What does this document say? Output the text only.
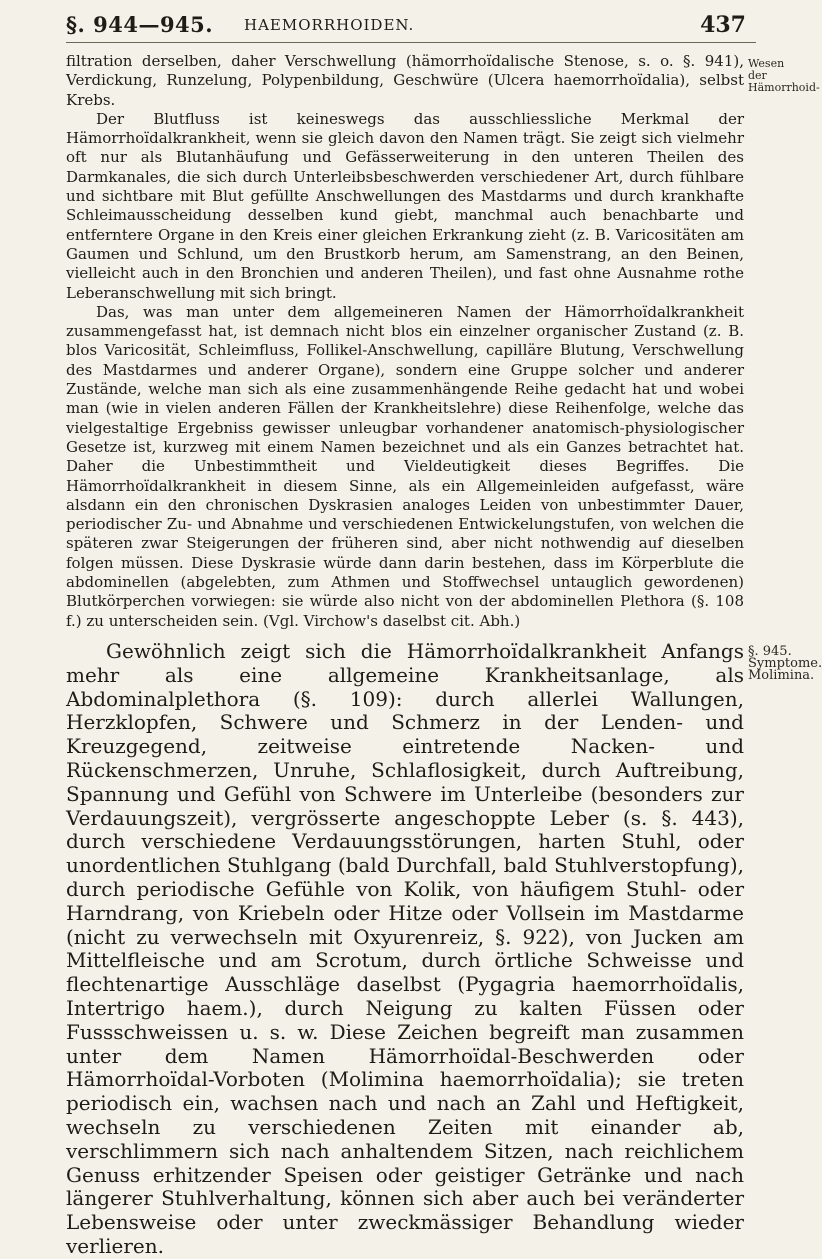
§. 944—945. HAEMORRHOIDEN.	437
Wesen der Hämorrhoid-
§. 945. Symptome. Molimina.

filtration derselben, daher Verschwellung (hämorrhoïdalische Stenose, s. o. §. 941), Verdickung, Runzelung, Polypenbildung, Geschwüre (Ulcera haemorrhoïdalia), selbst Krebs.

Der Blutfluss ist keineswegs das ausschliessliche Merkmal der Hämorrhoïdalkrankheit, wenn sie gleich davon den Namen trägt. Sie zeigt sich vielmehr oft nur als Blutanhäufung und Gefässerweiterung in den unteren Theilen des Darmkanales, die sich durch Unterleibsbeschwerden verschiedener Art, durch fühlbare und sichtbare mit Blut gefüllte Anschwellungen des Mastdarms und durch krankhafte Schleimausscheidung desselben kund giebt, manchmal auch benachbarte und entferntere Organe in den Kreis einer gleichen Erkrankung zieht (z. B. Varicositäten am Gaumen und Schlund, um den Brustkorb herum, am Samenstrang, an den Beinen, vielleicht auch in den Bronchien und anderen Theilen), und fast ohne Ausnahme rothe Leberanschwellung mit sich bringt.

Das, was man unter dem allgemeineren Namen der Hämorrhoïdalkrankheit zusammengefasst hat, ist demnach nicht blos ein einzelner organischer Zustand (z. B. blos Varicosität, Schleimfluss, Follikel-Anschwellung, capilläre Blutung, Verschwellung des Mastdarmes und anderer Organe), sondern eine Gruppe solcher und anderer Zustände, welche man sich als eine zusammenhängende Reihe gedacht hat und wobei man (wie in vielen anderen Fällen der Krankheitslehre) diese Reihenfolge, welche das vielgestaltige Ergebniss gewisser unleugbar vorhandener anatomisch-physiologischer Gesetze ist, kurzweg mit einem Namen bezeichnet und als ein Ganzes betrachtet hat. Daher die Unbestimmtheit und Vieldeutigkeit dieses Begriffes. Die Hämorrhoïdalkrankheit in diesem Sinne, als ein Allgemeinleiden aufgefasst, wäre alsdann ein den chronischen Dyskrasien analoges Leiden von unbestimmter Dauer, periodischer Zu- und Abnahme und verschiedenen Entwickelungstufen, von welchen die späteren zwar Steigerungen der früheren sind, aber nicht nothwendig auf dieselben folgen müssen. Diese Dyskrasie würde dann darin bestehen, dass im Körperblute die abdominellen (abgelebten, zum Athmen und Stoffwechsel untauglich gewordenen) Blutkörperchen vorwiegen: sie würde also nicht von der abdominellen Plethora (§. 108 f.) zu unterscheiden sein. (Vgl. Virchow's daselbst cit. Abh.)

Gewöhnlich zeigt sich die Hämorrhoïdalkrankheit Anfangs mehr als eine allgemeine Krankheitsanlage, als Abdominalplethora (§. 109): durch allerlei Wallungen, Herzklopfen, Schwere und Schmerz in der Lenden- und Kreuzgegend, zeitweise eintretende Nacken- und Rückenschmerzen, Unruhe, Schlaflosigkeit, durch Auftreibung, Spannung und Gefühl von Schwere im Unterleibe (besonders zur Verdauungszeit), vergrösserte angeschoppte Leber (s. §. 443), durch verschiedene Verdauungsstörungen, harten Stuhl, oder unordentlichen Stuhlgang (bald Durchfall, bald Stuhlverstopfung), durch periodische Gefühle von Kolik, von häufigem Stuhl- oder Harndrang, von Kriebeln oder Hitze oder Vollsein im Mastdarme (nicht zu verwechseln mit Oxyurenreiz, §. 922), von Jucken am Mittelfleische und am Scrotum, durch örtliche Schweisse und flechtenartige Ausschläge daselbst (Pygagria haemorrhoïdalis, Intertrigo haem.), durch Neigung zu kalten Füssen oder Fussschweissen u. s. w. Diese Zeichen begreift man zusammen unter dem Namen Hämorrhoïdal-Beschwerden oder Hämorrhoïdal-Vorboten (Molimina haemorrhoïdalia); sie treten periodisch ein, wachsen nach und nach an Zahl und Heftigkeit, wechseln zu verschiedenen Zeiten mit einander ab, verschlimmern sich nach anhaltendem Sitzen, nach reichlichem Genuss erhitzender Speisen oder geistiger Getränke und nach längerer Stuhlverhaltung, können sich aber auch bei veränderter Lebensweise oder unter zweckmässiger Behandlung wieder verlieren.
